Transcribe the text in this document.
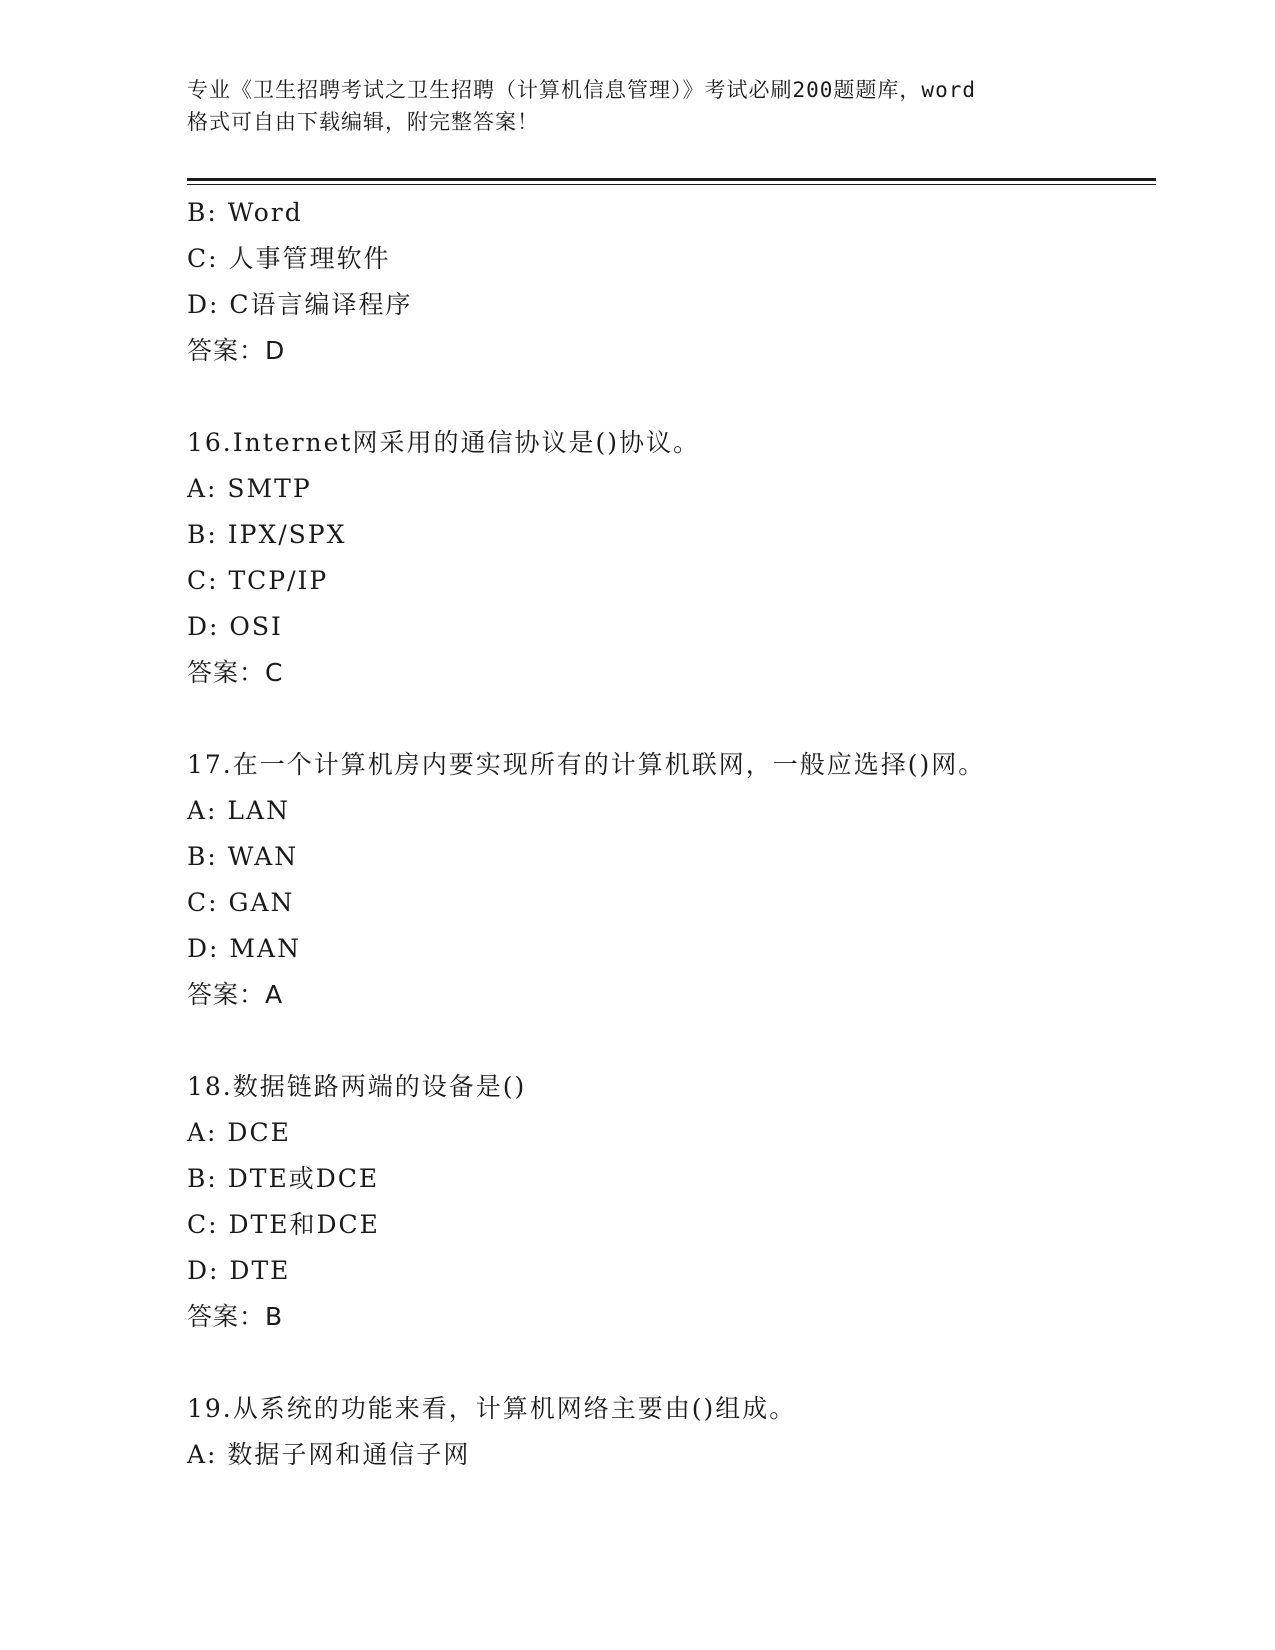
专业《卫生招聘考试之卫生招聘（计算机信息管理）》考试必刷200题题库，word
格式可自由下载编辑，附完整答案！
B: Word
C: 人事管理软件
D: C语言编译程序
答案：D
16.Internet网采用的通信协议是()协议。
A: SMTP
B: IPX/SPX
C: TCP/IP
D: OSI
答案：C
17.在一个计算机房内要实现所有的计算机联网，一般应选择()网。
A: LAN
B: WAN
C: GAN
D: MAN
答案：A
18.数据链路两端的设备是()
A: DCE
B: DTE或DCE
C: DTE和DCE
D: DTE
答案：B
19.从系统的功能来看，计算机网络主要由()组成。
A: 数据子网和通信子网
